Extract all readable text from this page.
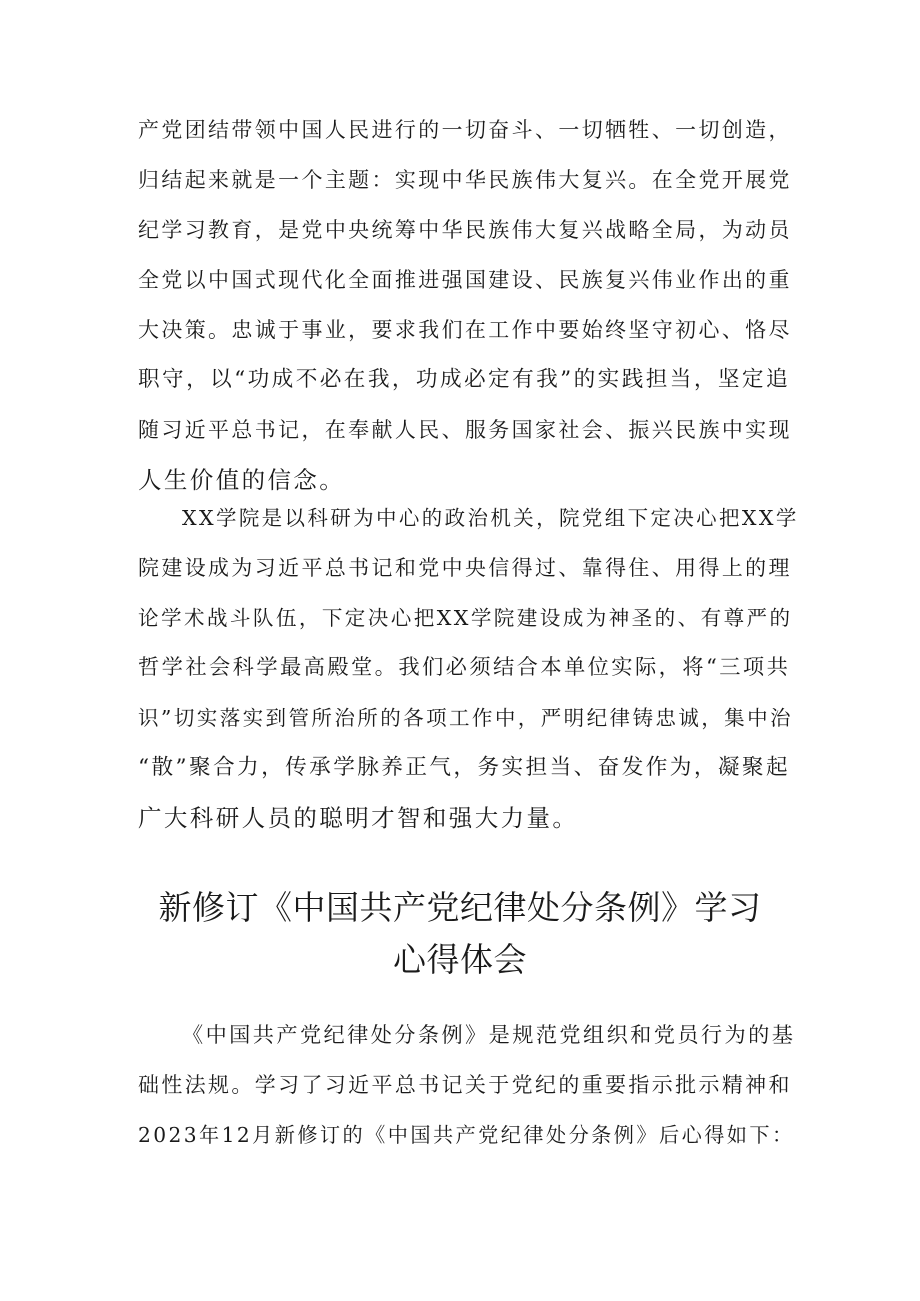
产党团结带领中国人民进行的一切奋斗、一切牺牲、一切创造，
归结起来就是一个主题：实现中华民族伟大复兴。在全党开展党
纪学习教育，是党中央统筹中华民族伟大复兴战略全局，为动员
全党以中国式现代化全面推进强国建设、民族复兴伟业作出的重
大决策。忠诚于事业，要求我们在工作中要始终坚守初心、恪尽
职守，以“功成不必在我，功成必定有我”的实践担当，坚定追
随习近平总书记，在奉献人民、服务国家社会、振兴民族中实现
人生价值的信念。
XX学院是以科研为中心的政治机关，院党组下定决心把XX学
院建设成为习近平总书记和党中央信得过、靠得住、用得上的理
论学术战斗队伍，下定决心把XX学院建设成为神圣的、有尊严的
哲学社会科学最高殿堂。我们必须结合本单位实际，将“三项共
识”切实落实到管所治所的各项工作中，严明纪律铸忠诚，集中治
“散”聚合力，传承学脉养正气，务实担当、奋发作为，凝聚起
广大科研人员的聪明才智和强大力量。
新修订《中国共产党纪律处分条例》学习
心得体会
《中国共产党纪律处分条例》是规范党组织和党员行为的基
础性法规。学习了习近平总书记关于党纪的重要指示批示精神和
2023年12月新修订的《中国共产党纪律处分条例》后心得如下：
